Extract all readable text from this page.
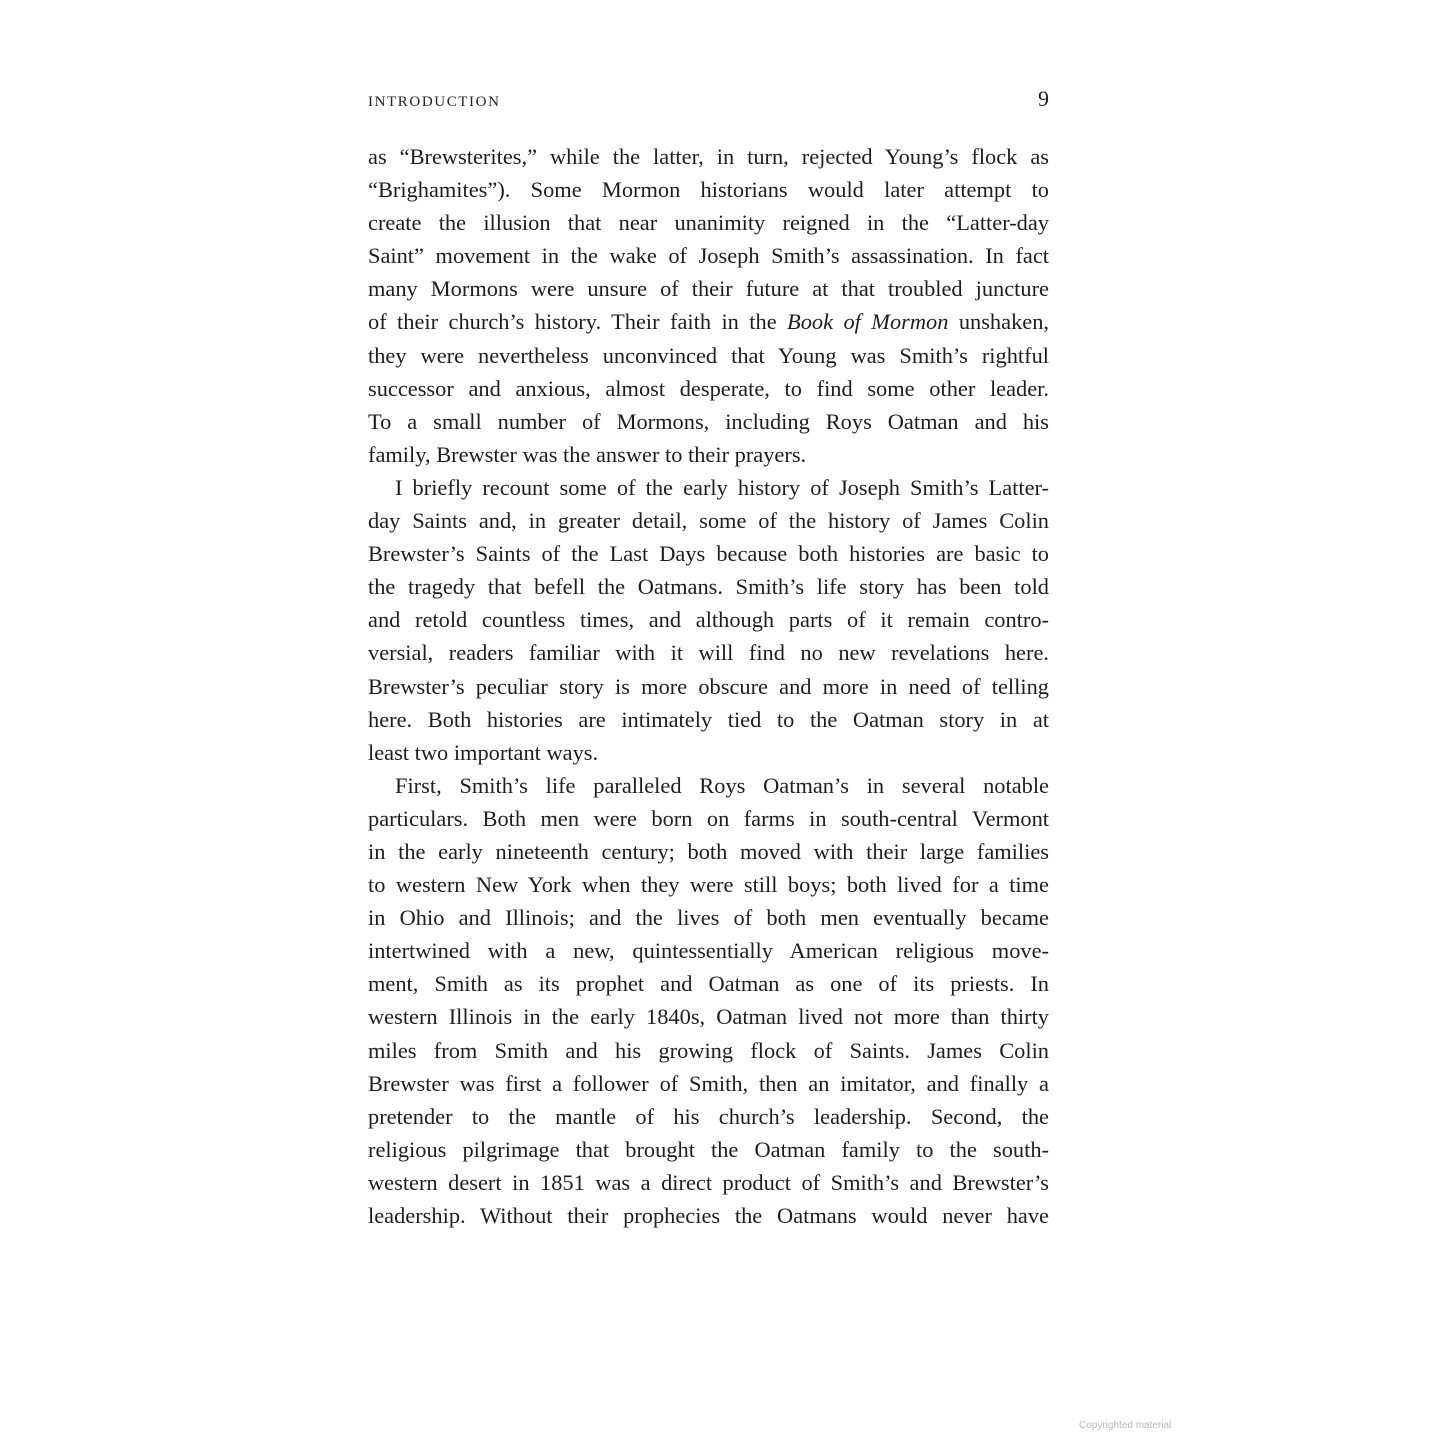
INTRODUCTION	9
as “Brewsterites,” while the latter, in turn, rejected Young’s flock as
“Brighamites”). Some Mormon historians would later attempt to
create the illusion that near unanimity reigned in the “Latter-day
Saint” movement in the wake of Joseph Smith’s assassination. In fact
many Mormons were unsure of their future at that troubled juncture
of their church’s history. Their faith in the Book of Mormon unshaken,
they were nevertheless unconvinced that Young was Smith’s rightful
successor and anxious, almost desperate, to find some other leader.
To a small number of Mormons, including Roys Oatman and his
family, Brewster was the answer to their prayers.
I briefly recount some of the early history of Joseph Smith’s Latter-
day Saints and, in greater detail, some of the history of James Colin
Brewster’s Saints of the Last Days because both histories are basic to
the tragedy that befell the Oatmans. Smith’s life story has been told
and retold countless times, and although parts of it remain contro-
versial, readers familiar with it will find no new revelations here.
Brewster’s peculiar story is more obscure and more in need of telling
here. Both histories are intimately tied to the Oatman story in at
least two important ways.
First, Smith’s life paralleled Roys Oatman’s in several notable
particulars. Both men were born on farms in south-central Vermont
in the early nineteenth century; both moved with their large families
to western New York when they were still boys; both lived for a time
in Ohio and Illinois; and the lives of both men eventually became
intertwined with a new, quintessentially American religious move-
ment, Smith as its prophet and Oatman as one of its priests. In
western Illinois in the early 1840s, Oatman lived not more than thirty
miles from Smith and his growing flock of Saints. James Colin
Brewster was first a follower of Smith, then an imitator, and finally a
pretender to the mantle of his church’s leadership. Second, the
religious pilgrimage that brought the Oatman family to the south-
western desert in 1851 was a direct product of Smith’s and Brewster’s
leadership. Without their prophecies the Oatmans would never have
Copyrighted material
